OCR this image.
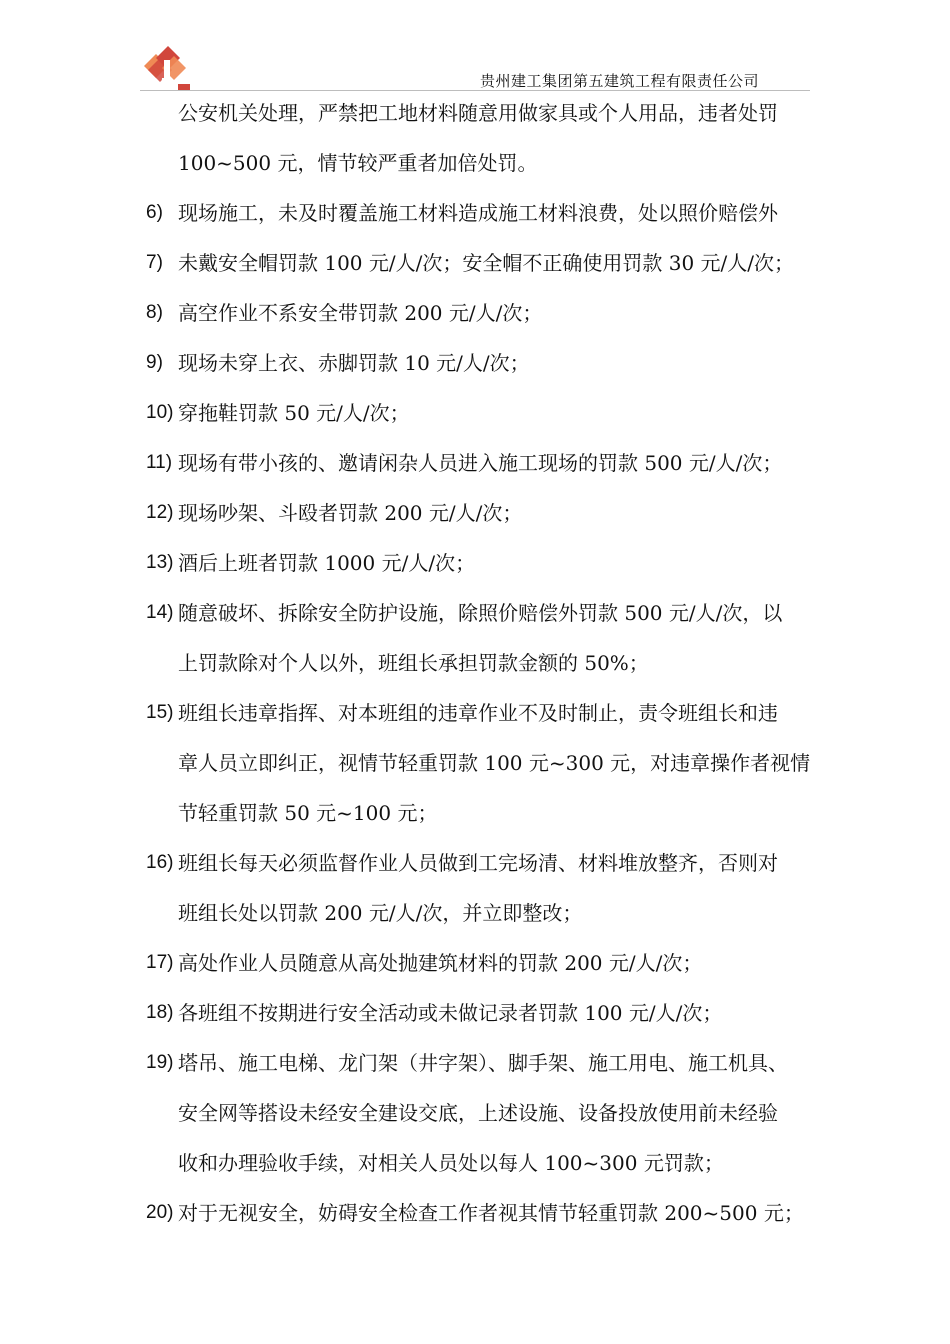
贵州建工集团第五建筑工程有限责任公司
公安机关处理，严禁把工地材料随意用做家具或个人用品，违者处罚
100~500 元，情节较严重者加倍处罚。
6) 现场施工，未及时覆盖施工材料造成施工材料浪费，处以照价赔偿外
7) 未戴安全帽罚款 100 元/人/次；安全帽不正确使用罚款 30 元/人/次；
8) 高空作业不系安全带罚款 200 元/人/次；
9) 现场未穿上衣、赤脚罚款 10 元/人/次；
10) 穿拖鞋罚款 50 元/人/次；
11) 现场有带小孩的、邀请闲杂人员进入施工现场的罚款 500 元/人/次；
12) 现场吵架、斗殴者罚款 200 元/人/次；
13) 酒后上班者罚款 1000 元/人/次；
14) 随意破坏、拆除安全防护设施，除照价赔偿外罚款 500 元/人/次，以
上罚款除对个人以外，班组长承担罚款金额的 50%；
15) 班组长违章指挥、对本班组的违章作业不及时制止，责令班组长和违
章人员立即纠正，视情节轻重罚款 100 元~300 元，对违章操作者视情
节轻重罚款 50 元~100 元；
16) 班组长每天必须监督作业人员做到工完场清、材料堆放整齐，否则对
班组长处以罚款 200 元/人/次，并立即整改；
17) 高处作业人员随意从高处抛建筑材料的罚款 200 元/人/次；
18) 各班组不按期进行安全活动或未做记录者罚款 100 元/人/次；
19) 塔吊、施工电梯、龙门架（井字架）、脚手架、施工用电、施工机具、
安全网等搭设未经安全建设交底，上述设施、设备投放使用前未经验
收和办理验收手续，对相关人员处以每人 100~300 元罚款；
20) 对于无视安全，妨碍安全检查工作者视其情节轻重罚款 200~500 元；
